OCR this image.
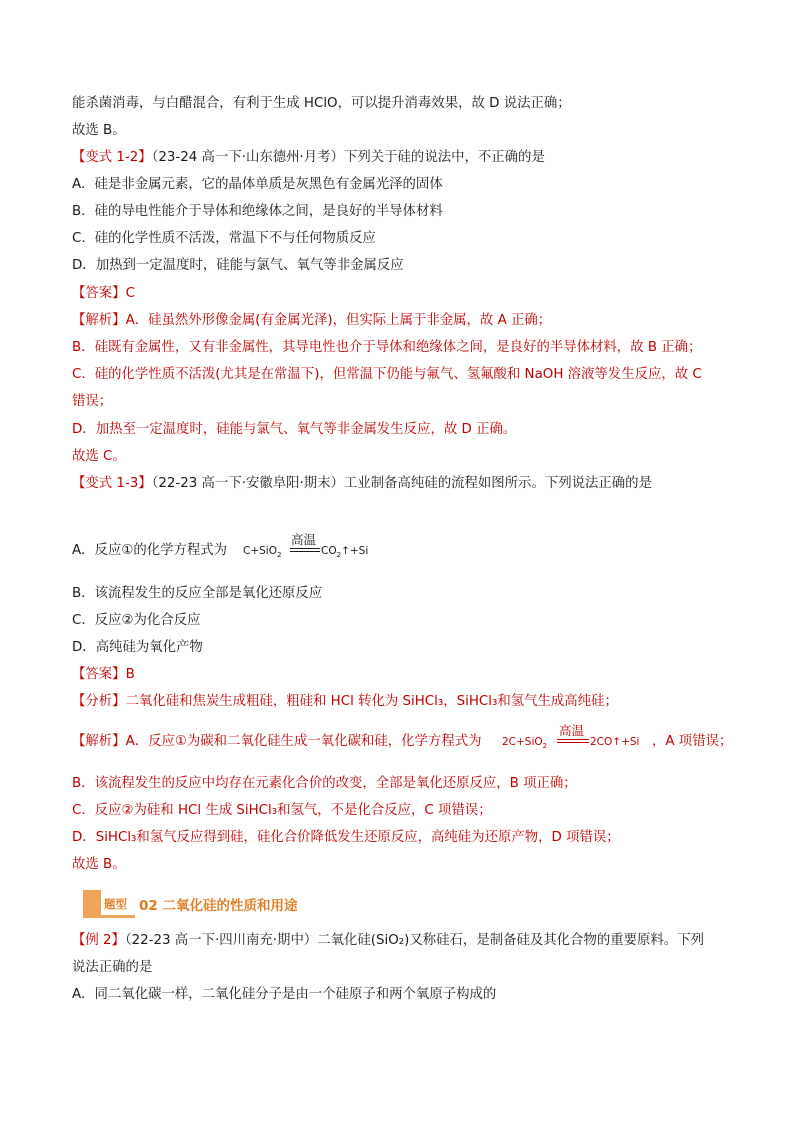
能杀菌消毒，与白醋混合，有利于生成 HClO，可以提升消毒效果，故 D 说法正确；
故选 B。
【变式 1-2】（23-24 高一下·山东德州·月考）下列关于硅的说法中，不正确的是
A．硅是非金属元素，它的晶体单质是灰黑色有金属光泽的固体
B．硅的导电性能介于导体和绝缘体之间，是良好的半导体材料
C．硅的化学性质不活泼，常温下不与任何物质反应
D．加热到一定温度时，硅能与氯气、氧气等非金属反应
【答案】C
【解析】A．硅虽然外形像金属(有金属光泽)，但实际上属于非金属，故 A 正确；
B．硅既有金属性，又有非金属性，其导电性也介于导体和绝缘体之间，是良好的半导体材料，故 B 正确；
C．硅的化学性质不活泼(尤其是在常温下)，但常温下仍能与氟气、氢氟酸和 NaOH 溶液等发生反应，故 C
错误；
D．加热至一定温度时，硅能与氯气、氧气等非金属发生反应，故 D 正确。
故选 C。
【变式 1-3】（22-23 高一下·安徽阜阳·期末）工业制备高纯硅的流程如图所示。下列说法正确的是
A．反应①的化学方程式为	C+SiO$_2$
高温
$CO_2↑+Si$
B．该流程发生的反应全部是氧化还原反应
C．反应②为化合反应
D．高纯硅为氧化产物
【答案】B
【分析】二氧化硅和焦炭生成粗硅，粗硅和 HCl 转化为 SiHCl₃，SiHCl₃和氢气生成高纯硅；
【解析】A．反应①为碳和二氧化硅生成一氧化碳和硅，化学方程式为	2C+SiO$_2$
高温
2CO↑+Si ，A 项错误；
B．该流程发生的反应中均存在元素化合价的改变，全部是氧化还原反应，B 项正确；
C．反应②为硅和 HCl 生成 SiHCl₃和氢气，不是化合反应，C 项错误；
D．SiHCl₃和氢气反应得到硅，硅化合价降低发生还原反应，高纯硅为还原产物，D 项错误；
故选 B。
题型 02 二氧化硅的性质和用途
【例 2】（22-23 高一下·四川南充·期中）二氧化硅(SiO₂)又称硅石，是制备硅及其化合物的重要原料。下列
说法正确的是
A．同二氧化碳一样，二氧化硅分子是由一个硅原子和两个氧原子构成的
